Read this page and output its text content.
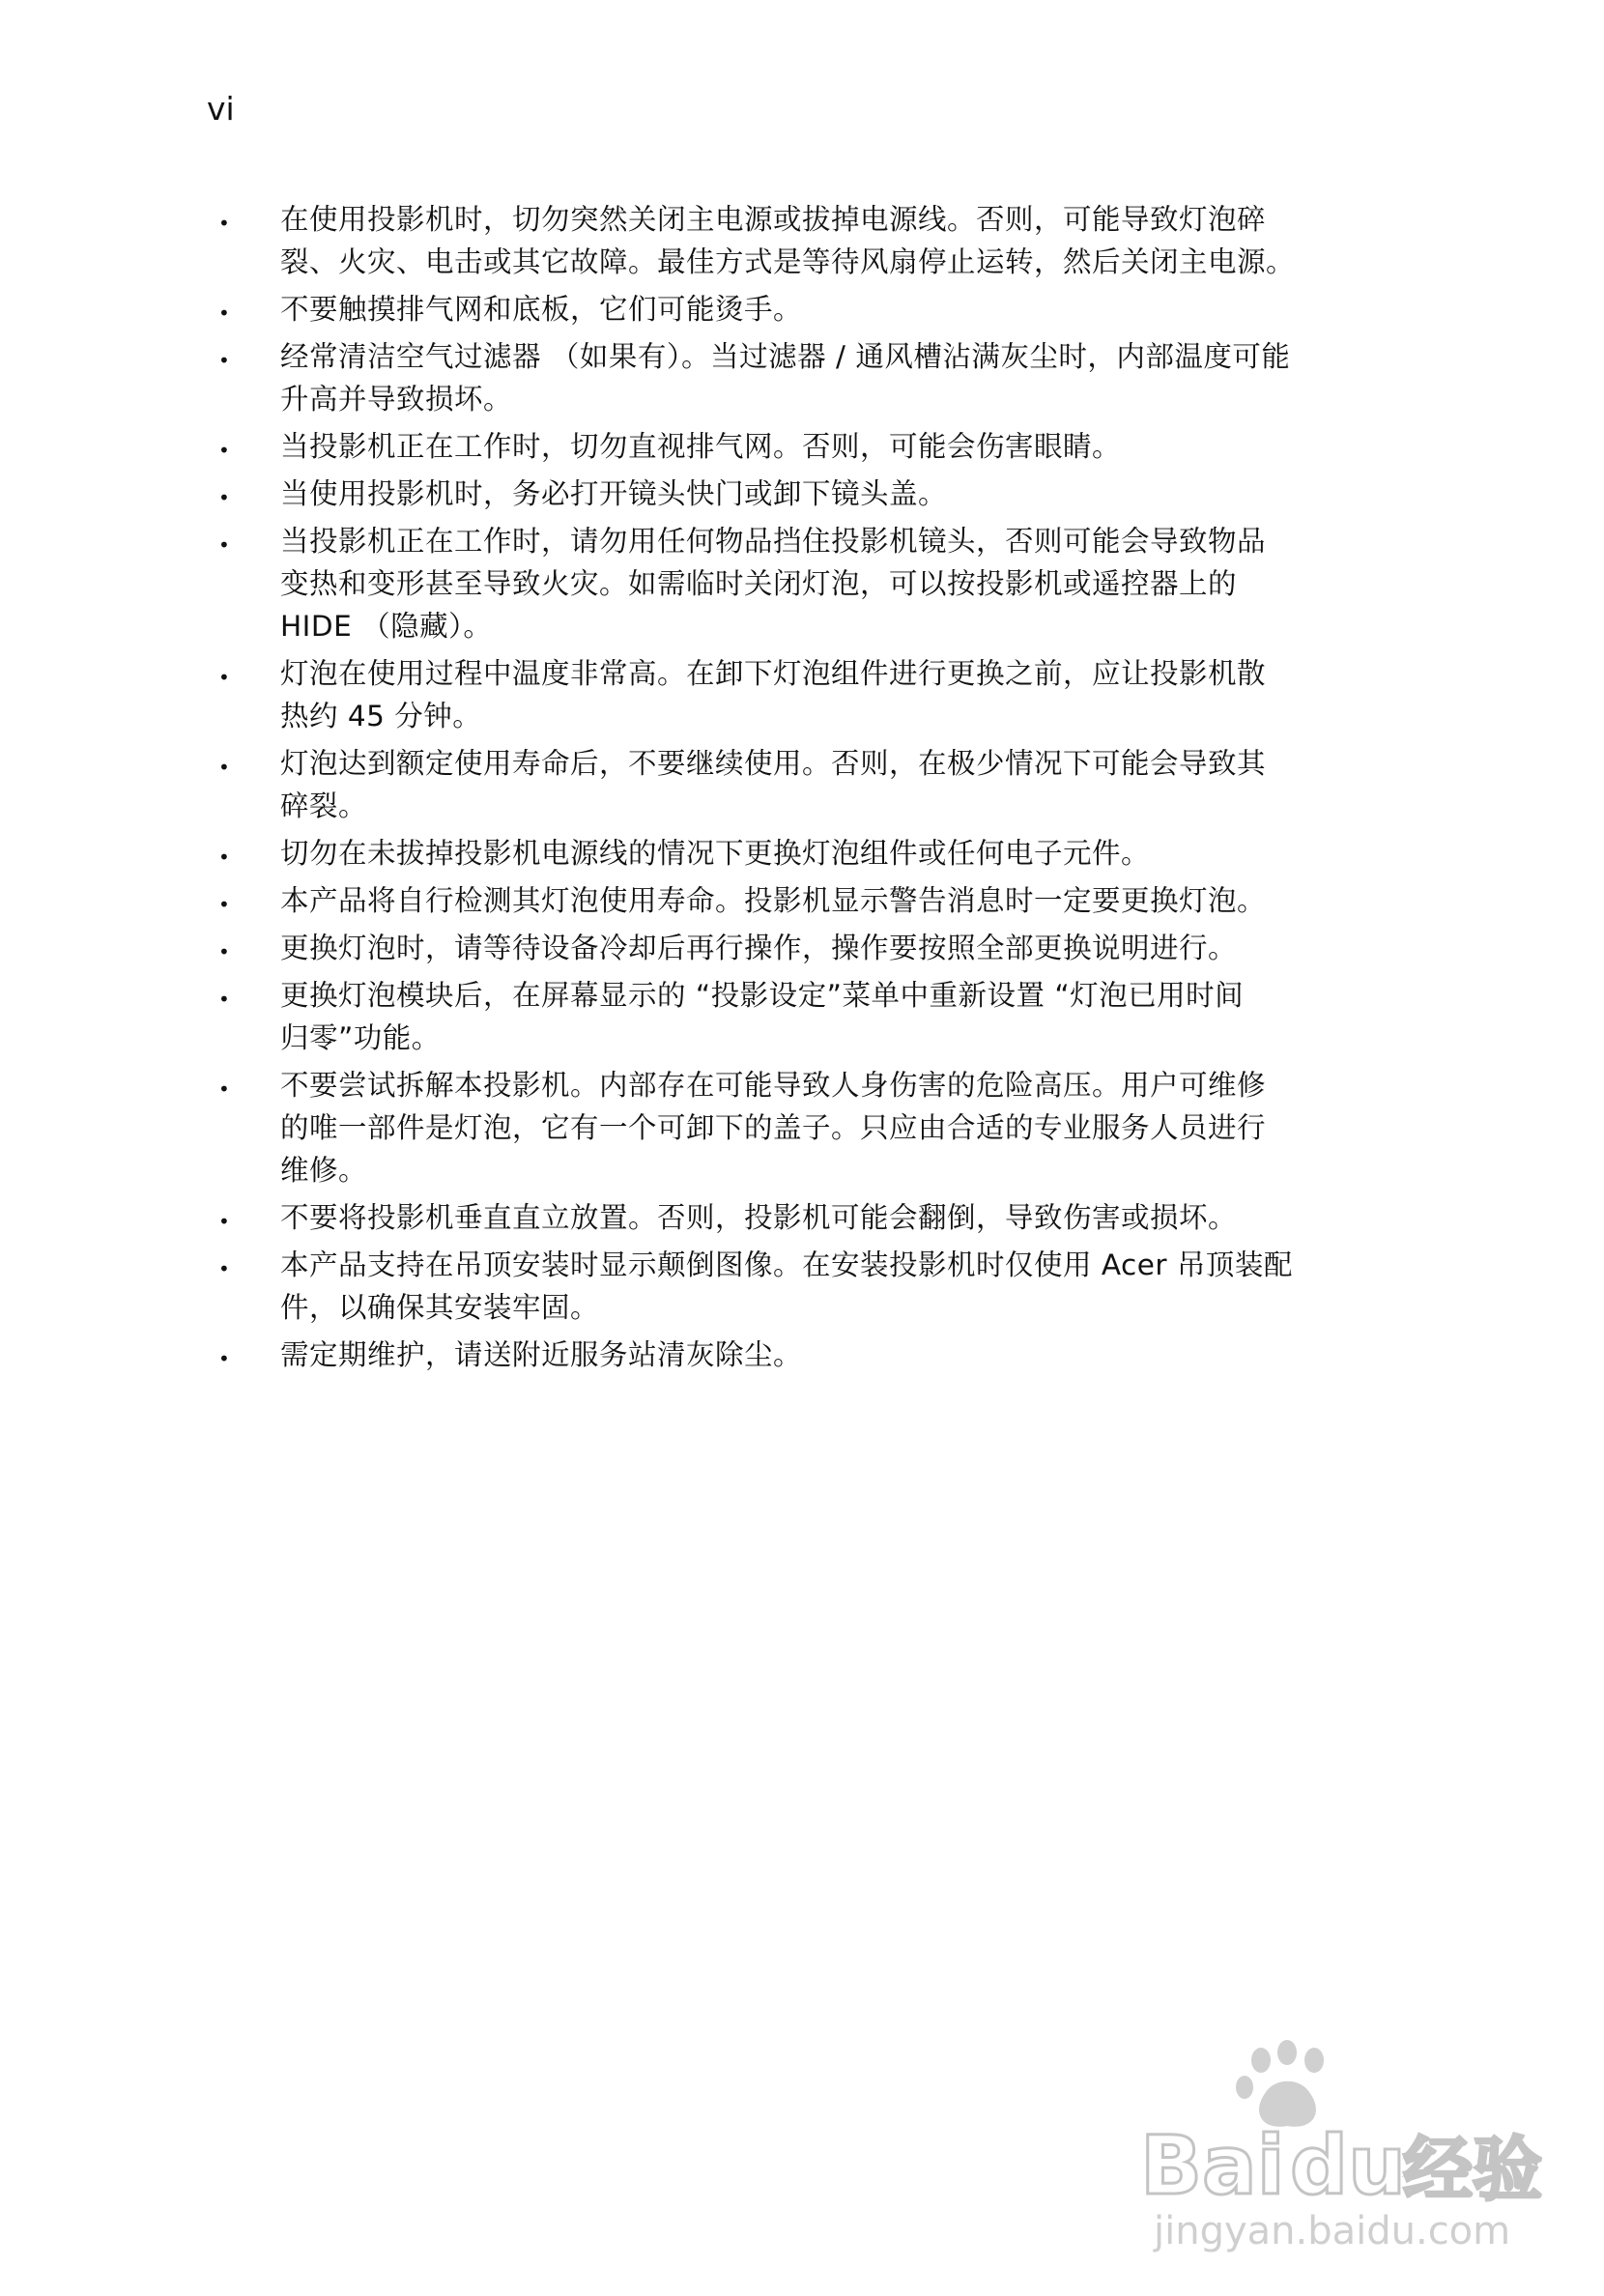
vi
• 在使用投影机时，切勿突然关闭主电源或拔掉电源线。否则，可能导致灯泡碎
裂、火灾、电击或其它故障。最佳方式是等待风扇停止运转，然后关闭主电源。
• 不要触摸排气网和底板，它们可能烫手。
• 经常清洁空气过滤器 （如果有）。当过滤器 / 通风槽沾满灰尘时，内部温度可能
升高并导致损坏。
• 当投影机正在工作时，切勿直视排气网。否则，可能会伤害眼睛。
• 当使用投影机时，务必打开镜头快门或卸下镜头盖。
• 当投影机正在工作时，请勿用任何物品挡住投影机镜头，否则可能会导致物品
变热和变形甚至导致火灾。如需临时关闭灯泡，可以按投影机或遥控器上的
HIDE （隐藏）。
• 灯泡在使用过程中温度非常高。在卸下灯泡组件进行更换之前，应让投影机散
热约 45 分钟。
• 灯泡达到额定使用寿命后，不要继续使用。否则，在极少情况下可能会导致其
碎裂。
• 切勿在未拔掉投影机电源线的情况下更换灯泡组件或任何电子元件。
• 本产品将自行检测其灯泡使用寿命。投影机显示警告消息时一定要更换灯泡。
• 更换灯泡时，请等待设备冷却后再行操作，操作要按照全部更换说明进行。
• 更换灯泡模块后，在屏幕显示的 “投影设定”菜单中重新设置 “灯泡已用时间
归零”功能。
• 不要尝试拆解本投影机。内部存在可能导致人身伤害的危险高压。用户可维修
的唯一部件是灯泡，它有一个可卸下的盖子。只应由合适的专业服务人员进行
维修。
• 不要将投影机垂直直立放置。否则，投影机可能会翻倒，导致伤害或损坏。
• 本产品支持在吊顶安装时显示颠倒图像。在安装投影机时仅使用 Acer 吊顶装配
件，以确保其安装牢固。
• 需定期维护，请送附近服务站清灰除尘。
Bai du
经验
jingyan.baidu.com
